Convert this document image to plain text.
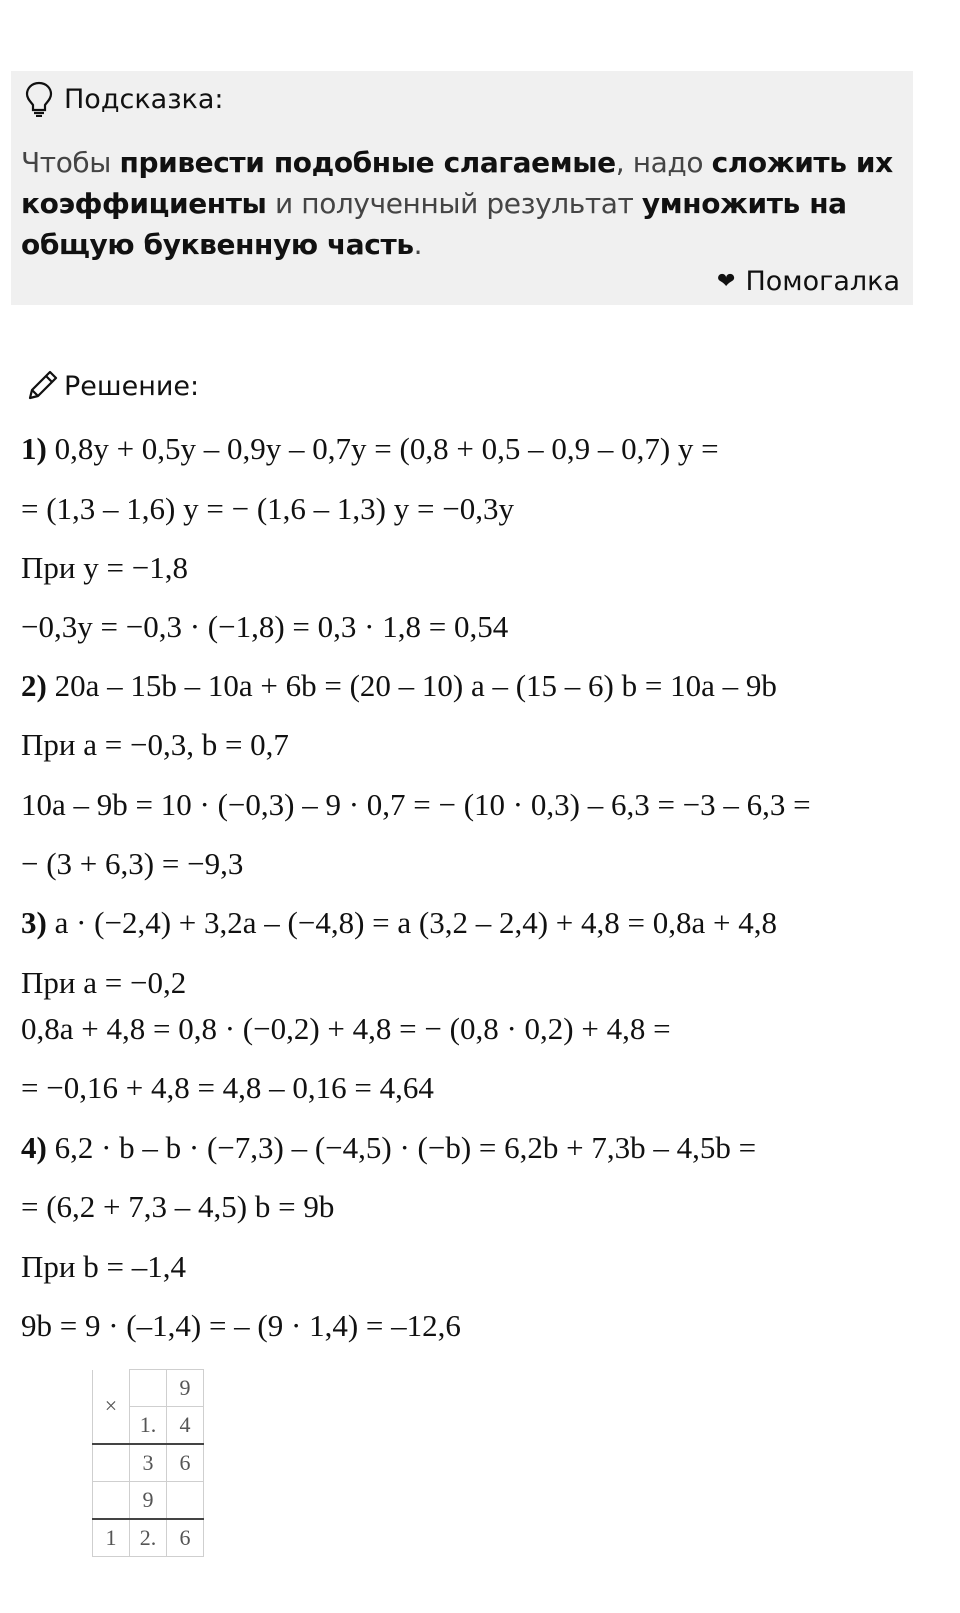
Подсказка:
Чтобы привести подобные слагаемые, надо сложить их коэффициенты и полученный результат умножить на общую буквенную часть.
❤ Помогалка
Решение:
1) 0,8y + 0,5y – 0,9y – 0,7y = (0,8 + 0,5 – 0,9 – 0,7) y =
= (1,3 – 1,6) y = − (1,6 – 1,3) y = −0,3y
При y = −1,8
−0,3y = −0,3 · (−1,8) = 0,3 · 1,8 = 0,54
2) 20a – 15b – 10a + 6b = (20 – 10) a – (15 – 6) b = 10a – 9b
При a = −0,3, b = 0,7
10a – 9b = 10 · (−0,3) – 9 · 0,7 = − (10 · 0,3) – 6,3 = −3 – 6,3 =
− (3 + 6,3) = −9,3
3) a · (−2,4) + 3,2a – (−4,8) = a (3,2 – 2,4) + 4,8 = 0,8a + 4,8
При a = −0,2
0,8a + 4,8 = 0,8 · (−0,2) + 4,8 = − (0,8 · 0,2) + 4,8 =
= −0,16 + 4,8 = 4,8 – 0,16 = 4,64
4) 6,2 · b – b · (−7,3) – (−4,5) · (−b) = 6,2b + 7,3b – 4,5b =
= (6,2 + 7,3 – 4,5) b = 9b
При b = –1,4
9b = 9 · (–1,4) = – (9 · 1,4) = –12,6
×		9
	1.	4
	3	6
	9	
1	2.	6
